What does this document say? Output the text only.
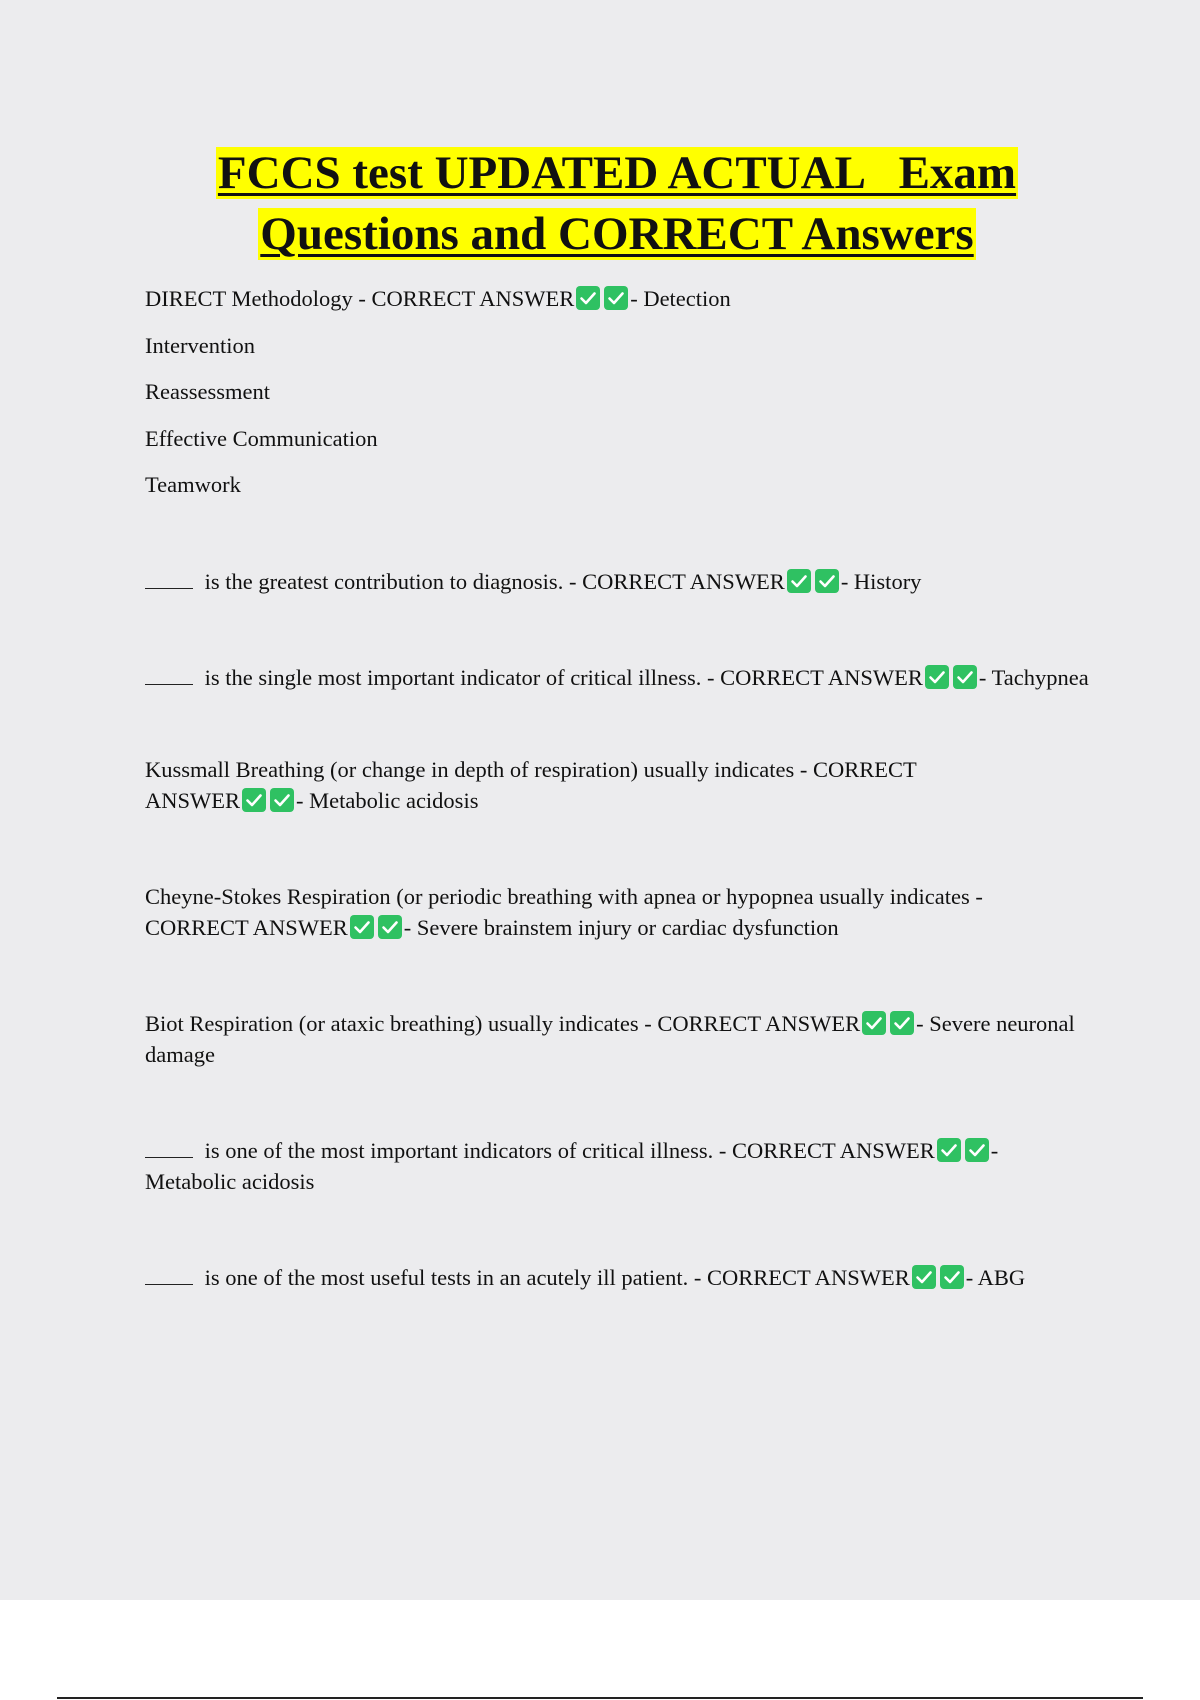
FCCS test UPDATED ACTUAL   Exam
Questions and CORRECT Answers
DIRECT Methodology - CORRECT ANSWER - Detection
Intervention
Reassessment
Effective Communication
Teamwork
is the greatest contribution to diagnosis. - CORRECT ANSWER - History
is the single most important indicator of critical illness. - CORRECT ANSWER - Tachypnea
Kussmall Breathing (or change in depth of respiration) usually indicates - CORRECT ANSWER - Metabolic acidosis
Cheyne-Stokes Respiration (or periodic breathing with apnea or hypopnea usually indicates - CORRECT ANSWER - Severe brainstem injury or cardiac dysfunction
Biot Respiration (or ataxic breathing) usually indicates - CORRECT ANSWER - Severe neuronal damage
is one of the most important indicators of critical illness. - CORRECT ANSWER - Metabolic acidosis
is one of the most useful tests in an acutely ill patient. - CORRECT ANSWER - ABG
